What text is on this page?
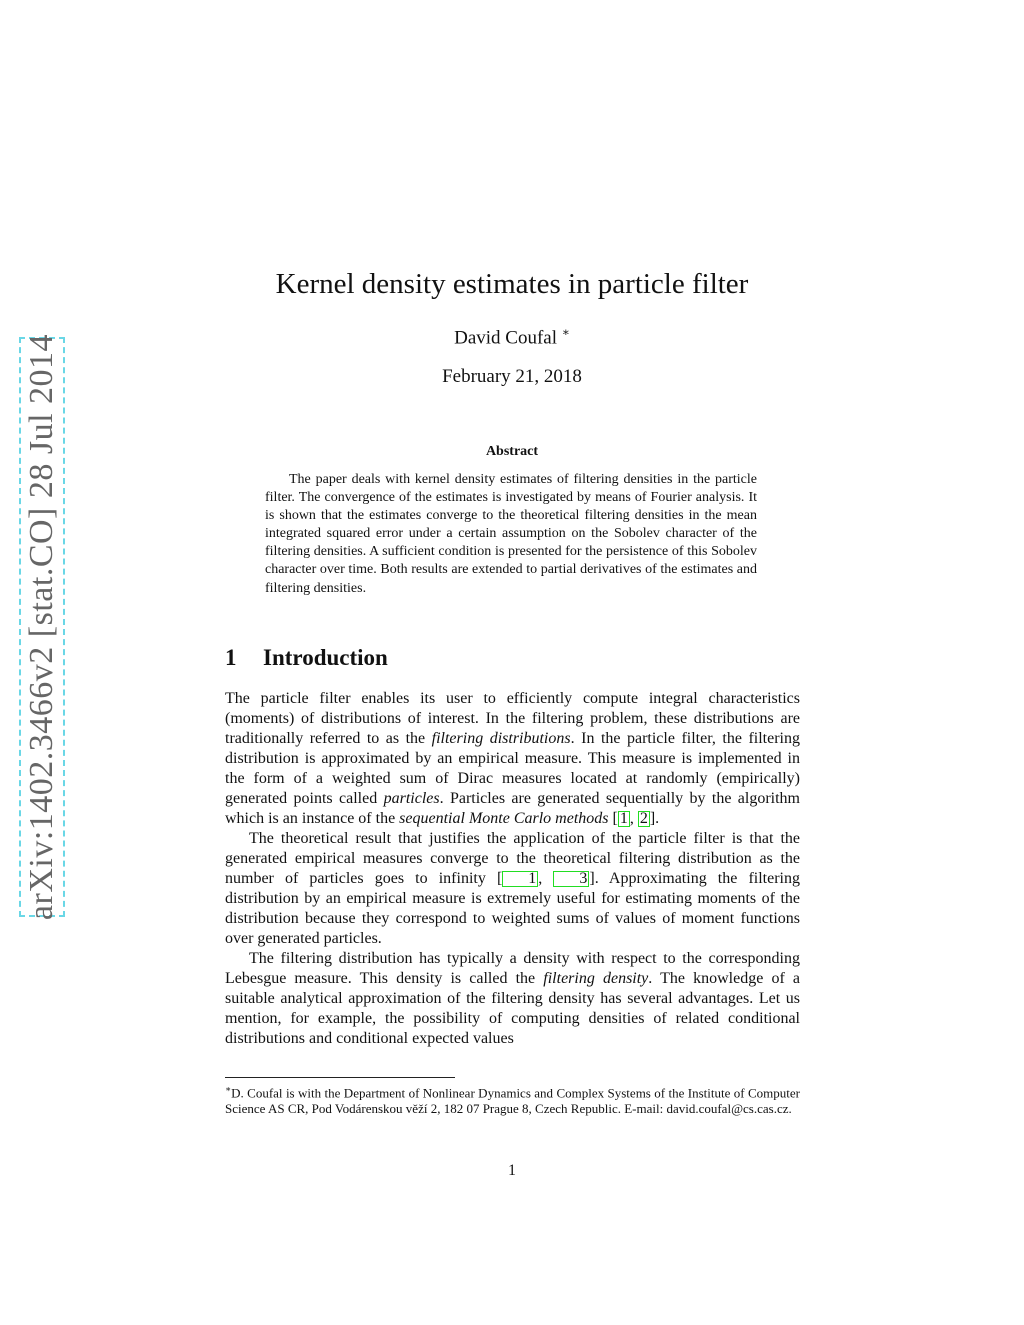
arXiv:1402.3466v2 [stat.CO] 28 Jul 2014
Kernel density estimates in particle filter
David Coufal ∗
February 21, 2018
Abstract

The paper deals with kernel density estimates of filtering densities in the particle filter. The convergence of the estimates is investigated by means of Fourier analysis. It is shown that the estimates converge to the theoretical filtering densities in the mean integrated squared error under a certain assumption on the Sobolev character of the filtering densities. A sufficient condition is presented for the persistence of this Sobolev character over time. Both results are extended to partial derivatives of the estimates and filtering densities.

1 Introduction

The particle filter enables its user to efficiently compute integral characteristics (moments) of distributions of interest. In the filtering problem, these distributions are traditionally referred to as the filtering distributions. In the particle filter, the filtering distribution is approximated by an empirical measure. This measure is implemented in the form of a weighted sum of Dirac measures located at randomly (empirically) generated points called particles. Particles are generated sequentially by the algorithm which is an instance of the sequential Monte Carlo methods [ 1 , 2 ].

The theoretical result that justifies the application of the particle filter is that the generated empirical measures converge to the theoretical filtering distribution as the number of particles goes to infinity [ 1 , 3 ]. Approximating the filtering distribution by an empirical measure is extremely useful for estimating moments of the distribution because they correspond to weighted sums of values of moment functions over generated particles.

The filtering distribution has typically a density with respect to the corresponding Lebesgue measure. This density is called the filtering density. The knowledge of a suitable analytical approximation of the filtering density has several advantages. Let us mention, for example, the possibility of computing densities of related conditional distributions and conditional expected values

∗D. Coufal is with the Department of Nonlinear Dynamics and Complex Systems of the Institute of Computer Science AS CR, Pod Vodárenskou věží 2, 182 07 Prague 8, Czech Republic. E-mail: david.coufal@cs.cas.cz.
1
